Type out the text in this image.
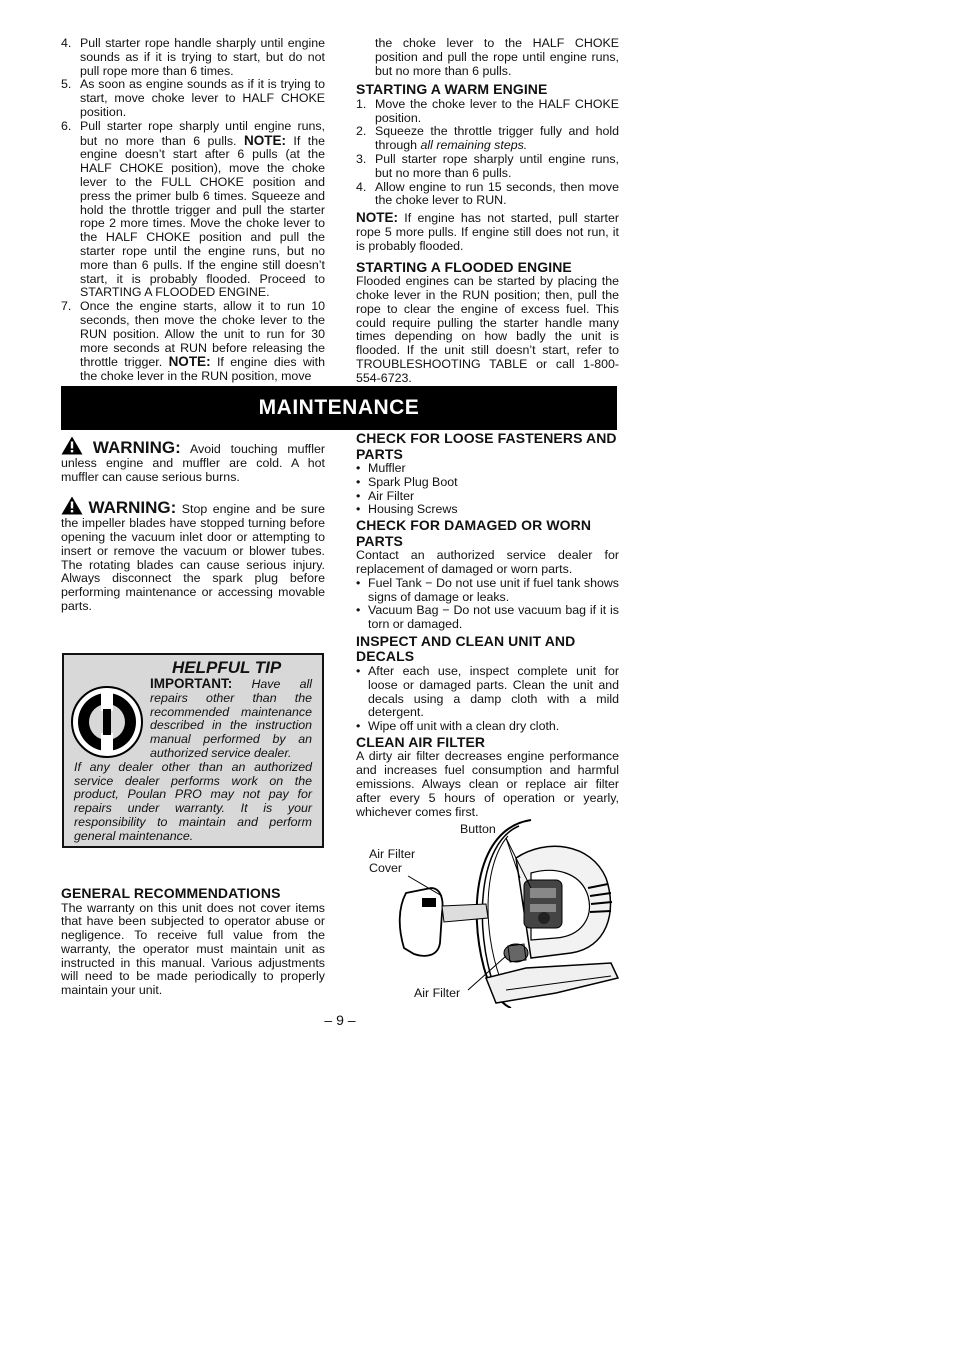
4. Pull starter rope handle sharply until engine sounds as if it is trying to start, but do not pull rope more than 6 times.
5. As soon as engine sounds as if it is trying to start, move choke lever to HALF CHOKE position.
6. Pull starter rope sharply until engine runs, but no more than 6 pulls. NOTE: If the engine doesn’t start after 6 pulls (at the HALF CHOKE position), move the choke lever to the FULL CHOKE position and press the primer bulb 6 times. Squeeze and hold the throttle trigger and pull the starter rope 2 more times. Move the choke lever to the HALF CHOKE position and pull the starter rope until the engine runs, but no more than 6 pulls. If the engine still doesn’t start, it is probably flooded. Proceed to STARTING A FLOODED ENGINE.
7. Once the engine starts, allow it to run 10 seconds, then move the choke lever to the RUN position. Allow the unit to run for 30 more seconds at RUN before releasing the throttle trigger. NOTE: If engine dies with the choke lever in the RUN position, move

the choke lever to the HALF CHOKE position and pull the rope until engine runs, but no more than 6 pulls.

STARTING A WARM ENGINE
1. Move the choke lever to the HALF CHOKE position.
2. Squeeze the throttle trigger fully and hold through all remaining steps.
3. Pull starter rope sharply until engine runs, but no more than 6 pulls.
4. Allow engine to run 15 seconds, then move the choke lever to RUN.

NOTE: If engine has not started, pull starter rope 5 more pulls. If engine still does not run, it is probably flooded.

STARTING A FLOODED ENGINE

Flooded engines can be started by placing the choke lever in the RUN position; then, pull the rope to clear the engine of excess fuel. This could require pulling the starter handle many times depending on how badly the unit is flooded. If the unit still doesn’t start, refer to TROUBLESHOOTING TABLE or call 1-800-554-6723.

MAINTENANCE
WARNING: Avoid touching muffler unless engine and muffler are cold. A hot muffler can cause serious burns.
WARNING: Stop engine and be sure the impeller blades have stopped turning before opening the vacuum inlet door or attempting to insert or remove the vacuum or blower tubes. The rotating blades can cause serious injury. Always disconnect the spark plug before performing maintenance or accessing movable parts.
HELPFUL TIP
IMPORTANT: Have all repairs other than the recommended maintenance described in the instruction manual performed by an authorized service dealer.
If any dealer other than an authorized service dealer performs work on the product, Poulan PRO may not pay for repairs under warranty. It is your responsibility to maintain and perform general maintenance.
GENERAL RECOMMENDATIONS

The warranty on this unit does not cover items that have been subjected to operator abuse or negligence. To receive full value from the warranty, the operator must maintain unit as instructed in this manual. Various adjustments will need to be made periodically to properly maintain your unit.

CHECK FOR LOOSE FASTENERS AND PARTS
• Muffler
• Spark Plug Boot
• Air Filter
• Housing Screws
CHECK FOR DAMAGED OR WORN PARTS

Contact an authorized service dealer for replacement of damaged or worn parts.

• Fuel Tank − Do not use unit if fuel tank shows signs of damage or leaks.
• Vacuum Bag − Do not use vacuum bag if it is torn or damaged.
INSPECT AND CLEAN UNIT AND DECALS
• After each use, inspect complete unit for loose or damaged parts. Clean the unit and decals using a damp cloth with a mild detergent.
• Wipe off unit with a clean dry cloth.
CLEAN AIR FILTER

A dirty air filter decreases engine performance and increases fuel consumption and harmful emissions. Always clean or replace air filter after every 5 hours of operation or yearly, whichever comes first.

Button
Air Filter
Cover
Air Filter
– 9 –
